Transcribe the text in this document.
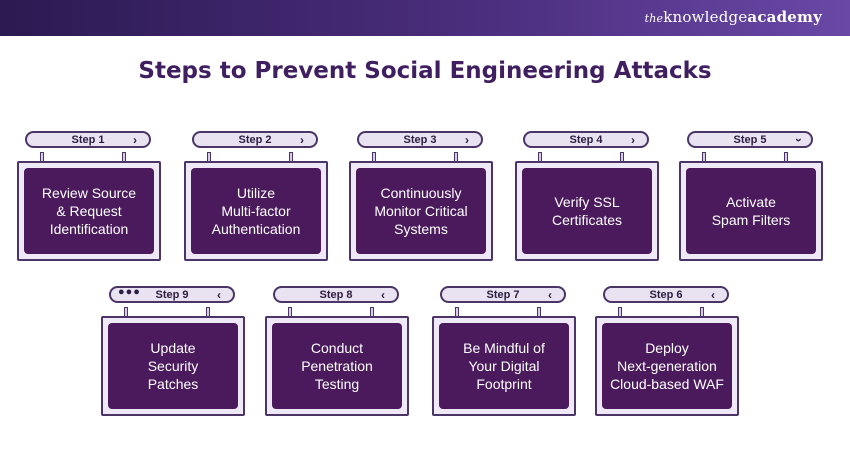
theknowledgeacademy
Steps to Prevent Social Engineering Attacks
Step 1	›
Review Source
& Request
Identification
Step 2	›
Utilize
Multi-factor
Authentication
Step 3	›
Continuously
Monitor Critical
Systems
Step 4	›
Verify SSL
Certificates
Step 5	›
Activate
Spam Filters
●●●	Step 9	‹
Update
Security
Patches
Step 8	‹
Conduct
Penetration
Testing
Step 7	‹
Be Mindful of
Your Digital
Footprint
Step 6	‹
Deploy
Next-generation
Cloud-based WAF
